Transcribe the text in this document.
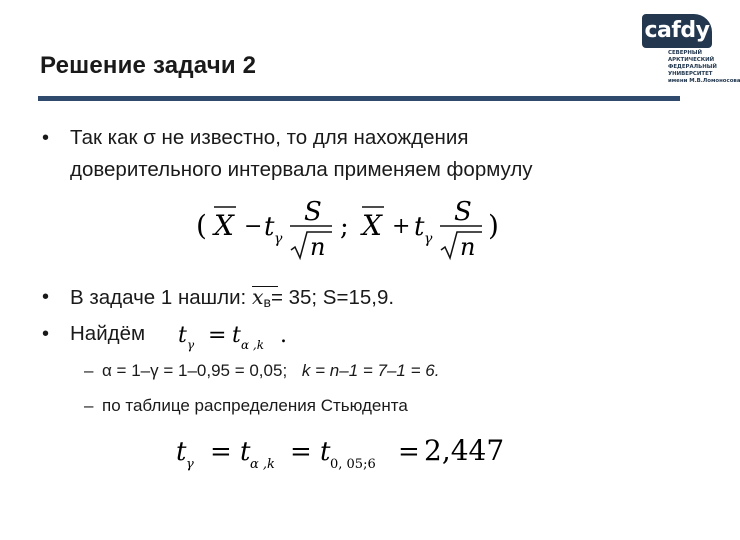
Решение задачи 2
cafdy
СЕВЕРНЫЙ
АРКТИЧЕСКИЙ
ФЕДЕРАЛЬНЫЙ
УНИВЕРСИТЕТ
имени М.В.Ломоносова
• Так как σ не известно, то для нахождения
доверительного интервала применяем формулу
( X − t γ
S
n
; X + t γ
S
n
)
• В задаче 1 нашли: x
в= 35; S=15,9.
• Найдём t γ = t α ,k .
– α = 1–γ = 1–0,95 = 0,05; k = n–1 = 7–1 = 6.
– по таблице распределения Стьюдента
t γ = t α ,k = t 0, 05;6 = 2,447
